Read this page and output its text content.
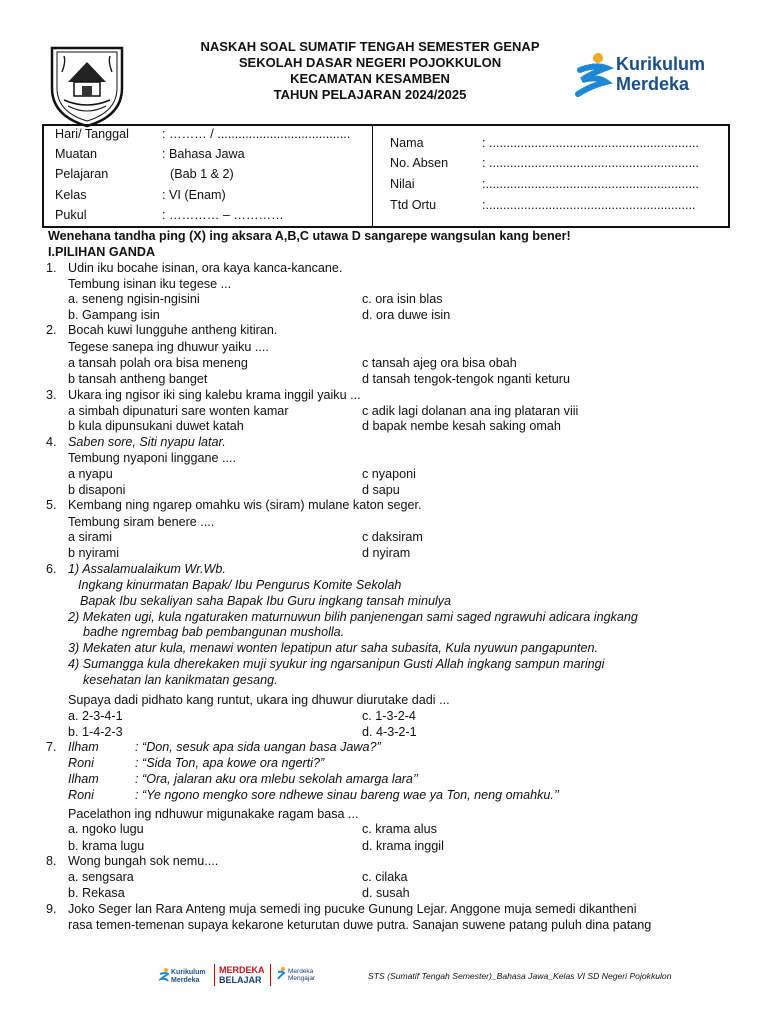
NASKAH SOAL SUMATIF TENGAH SEMESTER GENAP
SEKOLAH DASAR NEGERI POJOKKULON
KECAMATAN KESAMBEN
TAHUN PELAJARAN 2024/2025
Kurikulum
Merdeka
Hari/ Tanggal	: ……… / ......................................
Muatan	: Bahasa Jawa
Pelajaran	(Bab 1 & 2)
Kelas	: VI (Enam)
Pukul	: ………… – …………
Nama	: ............................................................
No. Absen	: ............................................................
Nilai	:.............................................................
Ttd Ortu	:............................................................
Wenehana tandha ping (X) ing aksara A,B,C utawa D sangarepe wangsulan kang bener!
I.PILIHAN GANDA
1. Udin iku bocahe isinan, ora kaya kanca-kancane.
Tembung isinan iku tegese ...
a. seneng ngisin-ngisini	c. ora isin blas
b. Gampang isin	d. ora duwe isin
2. Bocah kuwi lungguhe antheng kitiran.
Tegese sanepa ing dhuwur yaiku ....
a tansah polah ora bisa meneng	c tansah ajeg ora bisa obah
b tansah antheng banget	d tansah tengok-tengok nganti keturu
3. Ukara ing ngisor iki sing kalebu krama inggil yaiku ...
a simbah dipunaturi sare wonten kamar	c adik lagi dolanan ana ing plataran viii
b kula dipunsukani duwet katah	d bapak nembe kesah saking omah
4. Saben sore, Siti nyapu latar.
Tembung nyaponi linggane ....
a nyapu	c nyaponi
b disaponi	d sapu
5. Kembang ning ngarep omahku wis (siram) mulane katon seger.
Tembung siram benere ....
a sirami	c daksiram
b nyirami	d nyiram
6. 1) Assalamualaikum Wr.Wb.
Ingkang kinurmatan Bapak/ Ibu Pengurus Komite Sekolah
Bapak Ibu sekaliyan saha Bapak Ibu Guru ingkang tansah minulya
2) Mekaten ugi, kula ngaturaken maturnuwun bilih panjenengan sami saged ngrawuhi adicara ingkang
badhe ngrembag bab pembangunan musholla.
3) Mekaten atur kula, menawi wonten lepatipun atur saha subasita, Kula nyuwun pangapunten.
4) Sumangga kula dherekaken muji syukur ing ngarsanipun Gusti Allah ingkang sampun maringi
kesehatan lan kanikmatan gesang.
Supaya dadi pidhato kang runtut, ukara ing dhuwur diurutake dadi ...
a. 2-3-4-1	c. 1-3-2-4
b. 1-4-2-3	d. 4-3-2-1
7. Ilham	: “Don, sesuk apa sida uangan basa Jawa?”
Roni	: “Sida Ton, apa kowe ora ngerti?”
Ilham	: “Ora, jalaran aku ora mlebu sekolah amarga lara’’
Roni	: “Ye ngono mengko sore ndhewe sinau bareng wae ya Ton, neng omahku.’’
Pacelathon ing ndhuwur migunakake ragam basa ...
a. ngoko lugu	c. krama alus
b. krama lugu	d. krama inggil
8. Wong bungah sok nemu....
a. sengsara	c. cilaka
b. Rekasa	d. susah
9. Joko Seger lan Rara Anteng muja semedi ing pucuke Gunung Lejar. Anggone muja semedi dikantheni
rasa temen-temenan supaya kekarone keturutan duwe putra. Sanajan suwene patang puluh dina patang
Kurikulum
Merdeka
MERDEKA
BELAJAR
Merdeka
Mengajar	STS (Sumatif Tengah Semester)_Bahasa Jawa_Kelas VI SD Negeri Pojokkulon
